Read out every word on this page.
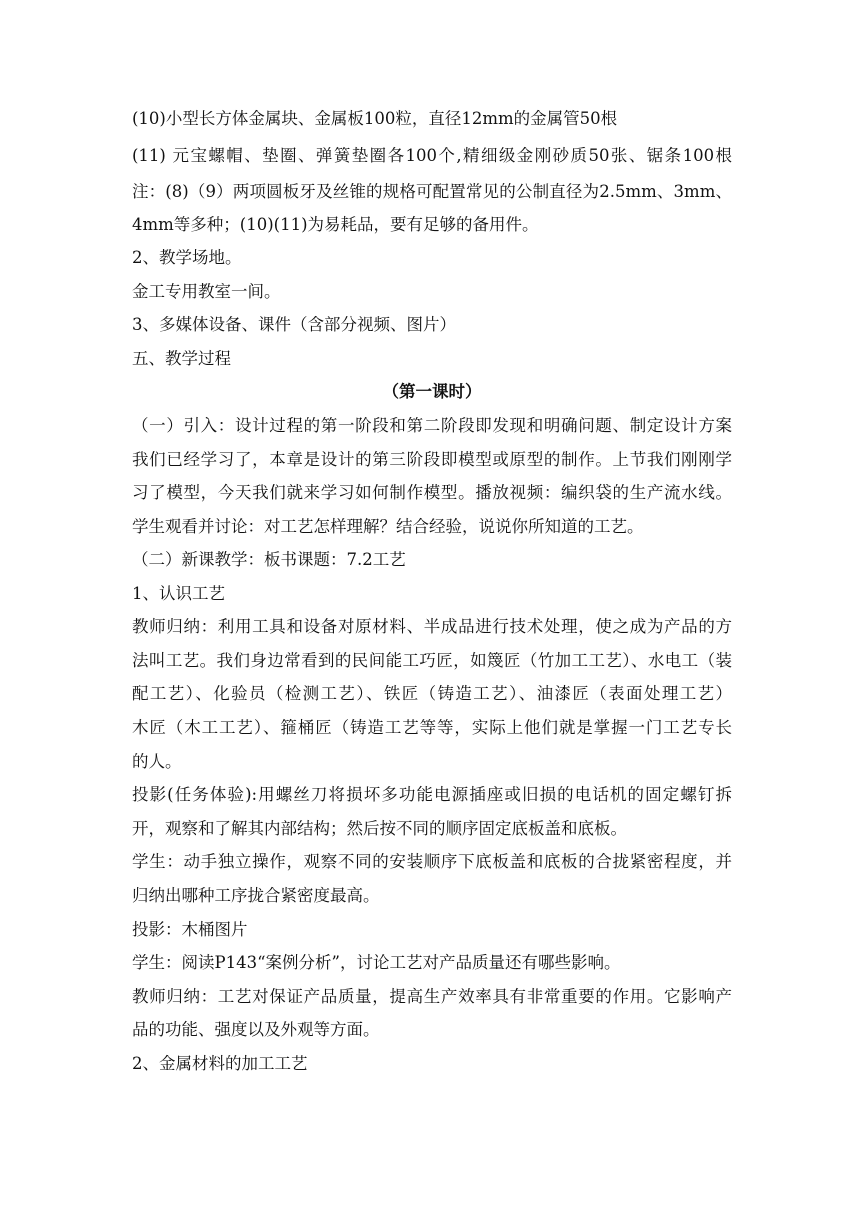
(10)小型长方体金属块、金属板100粒，直径12mm的金属管50根
(11) 元宝螺帽、垫圈、弹簧垫圈各100个,精细级金刚砂质50张、锯条100根
注：(8)（9）两项圆板牙及丝锥的规格可配置常见的公制直径为2.5mm、3mm、
4mm等多种；(10)(11)为易耗品，要有足够的备用件。
2、教学场地。
金工专用教室一间。
3、多媒体设备、课件（含部分视频、图片）
五、教学过程
（第一课时）
（一）引入：设计过程的第一阶段和第二阶段即发现和明确问题、制定设计方案
我们已经学习了，本章是设计的第三阶段即模型或原型的制作。上节我们刚刚学
习了模型，今天我们就来学习如何制作模型。播放视频：编织袋的生产流水线。
学生观看并讨论：对工艺怎样理解？结合经验，说说你所知道的工艺。
（二）新课教学：板书课题：7.2工艺
1、认识工艺
教师归纳：利用工具和设备对原材料、半成品进行技术处理，使之成为产品的方
法叫工艺。我们身边常看到的民间能工巧匠，如篾匠（竹加工工艺）、水电工（装
配工艺）、化验员（检测工艺）、铁匠（铸造工艺）、油漆匠（表面处理工艺）
木匠（木工工艺）、箍桶匠（铸造工艺等等，实际上他们就是掌握一门工艺专长
的人。
投影(任务体验):用螺丝刀将损坏多功能电源插座或旧损的电话机的固定螺钉拆
开，观察和了解其内部结构；然后按不同的顺序固定底板盖和底板。
学生：动手独立操作，观察不同的安装顺序下底板盖和底板的合拢紧密程度，并
归纳出哪种工序拢合紧密度最高。
投影：木桶图片
学生：阅读P143“案例分析”，讨论工艺对产品质量还有哪些影响。
教师归纳：工艺对保证产品质量，提高生产效率具有非常重要的作用。它影响产
品的功能、强度以及外观等方面。
2、金属材料的加工工艺
